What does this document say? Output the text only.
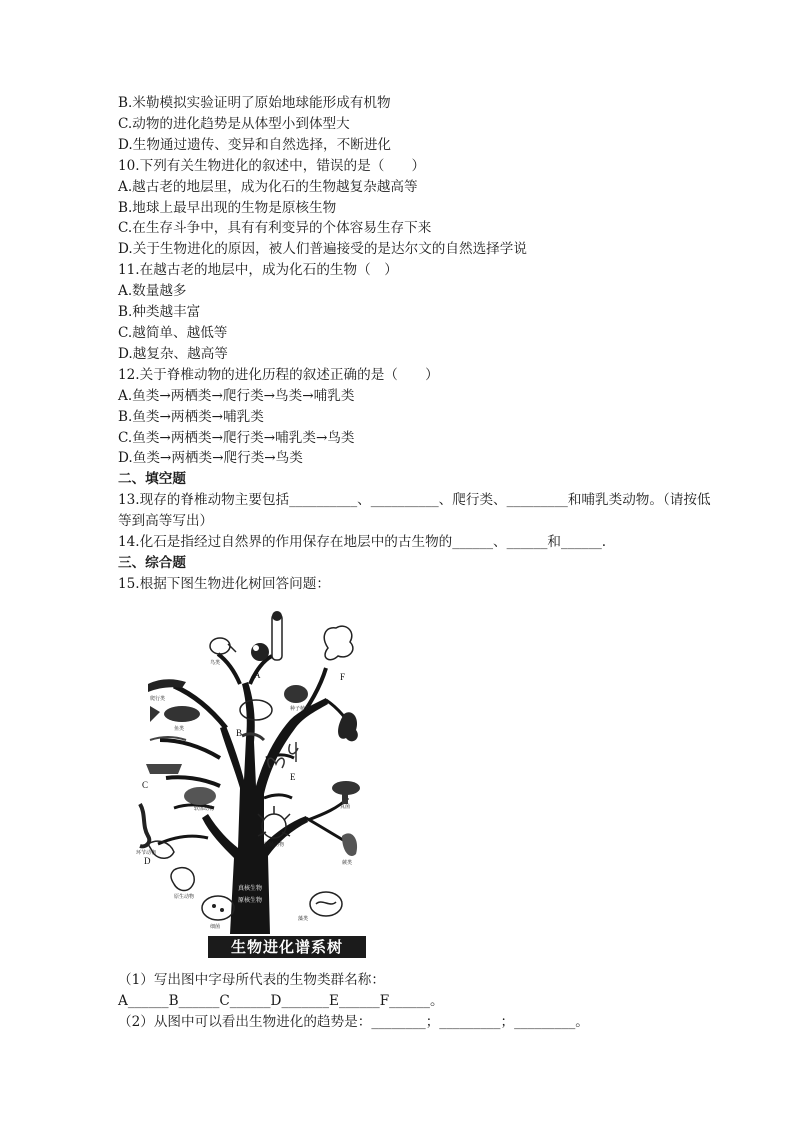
B.米勒模拟实验证明了原始地球能形成有机物
C.动物的进化趋势是从体型小到体型大
D.生物通过遗传、变异和自然选择，不断进化
10.下列有关生物进化的叙述中，错误的是（　　）
A.越古老的地层里，成为化石的生物越复杂越高等
B.地球上最早出现的生物是原核生物
C.在生存斗争中，具有有利变异的个体容易生存下来
D.关于生物进化的原因，被人们普遍接受的是达尔文的自然选择学说
11.在越古老的地层中，成为化石的生物（　）
A.数量越多
B.种类越丰富
C.越简单、越低等
D.越复杂、越高等
12.关于脊椎动物的进化历程的叙述正确的是（　　）
A.鱼类→两栖类→爬行类→鸟类→哺乳类
B.鱼类→两栖类→哺乳类
C.鱼类→两栖类→爬行类→哺乳类→鸟类
D.鱼类→两栖类→爬行类→鸟类
二、填空题
13.现存的脊椎动物主要包括__________、__________、爬行类、_________和哺乳类动物。（请按低等到高等写出）
14.化石是指经过自然界的作用保存在地层中的古生物的______、______和______.
三、综合题
15.根据下图生物进化树回答问题：
A
B
C
D
E
F
鸟类
爬行类
鱼类
软体动物
环节动物
原生动物
细菌
藻类
真菌
腔肠动物
种子植物
蕨类
真核生物
原核生物
生物进化谱系树
（1）写出图中字母所代表的生物类群名称：
A______B______C______D_______E______F______。
（2）从图中可以看出生物进化的趋势是：________；_________；_________。
